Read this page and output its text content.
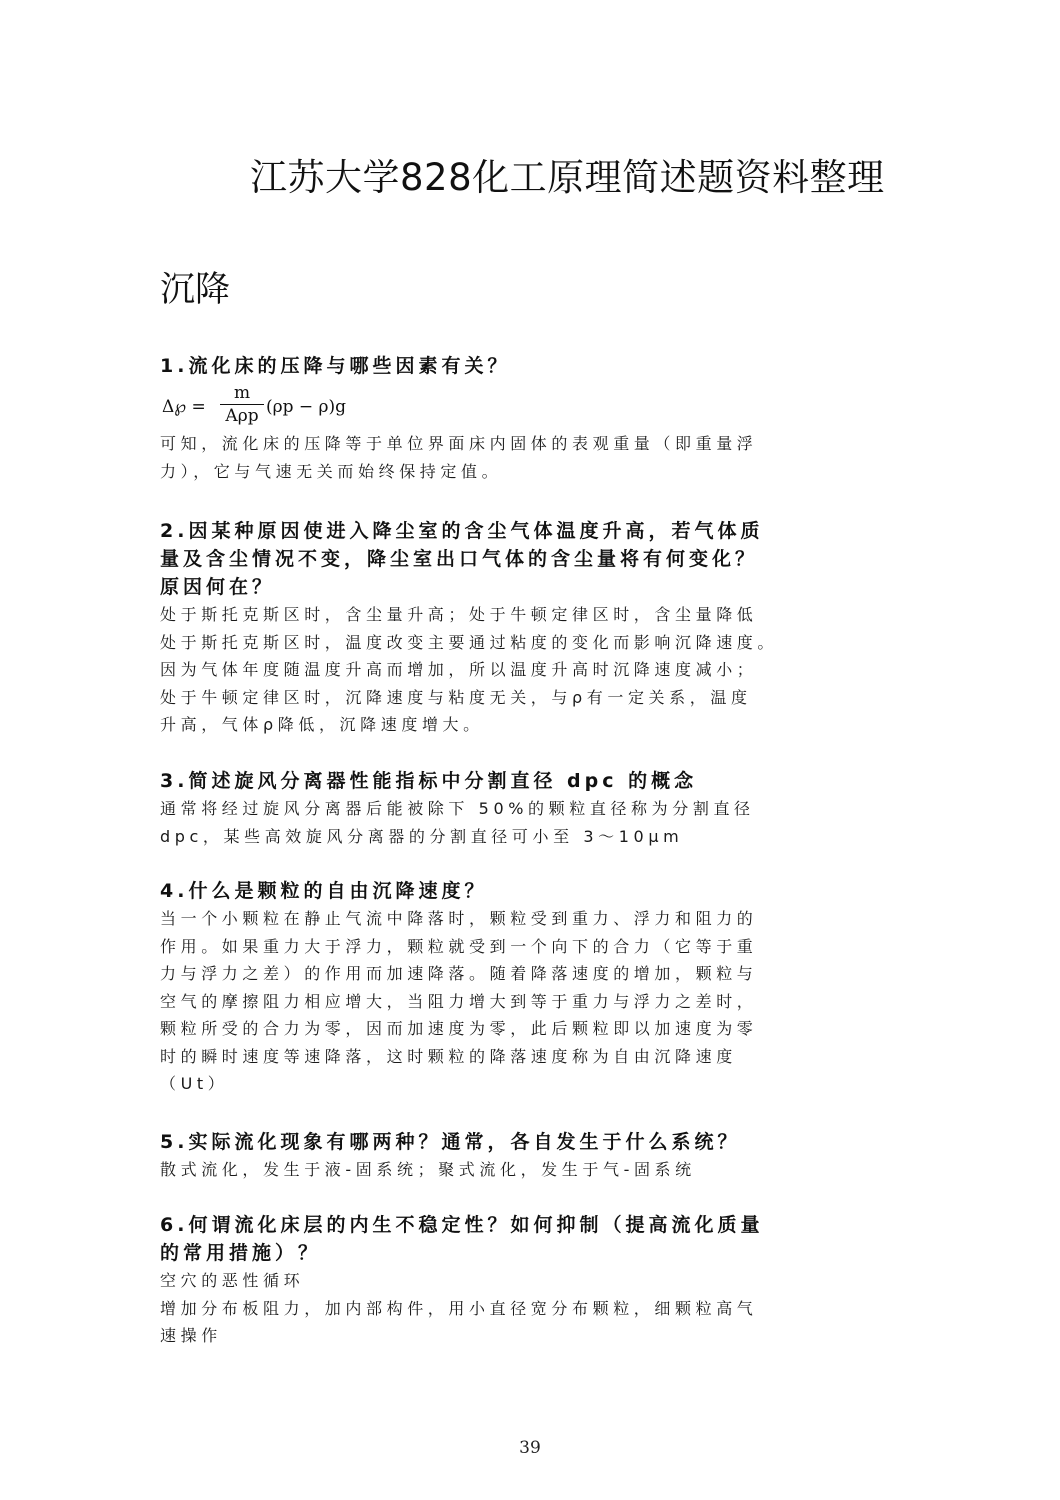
江苏大学828化工原理简述题资料整理
沉降
1.流化床的压降与哪些因素有关？
Δ℘ =
m
Aρp (ρp − ρ)g
可知，流化床的压降等于单位界面床内固体的表观重量（即重量浮
力），它与气速无关而始终保持定值。
2.因某种原因使进入降尘室的含尘气体温度升高，若气体质
量及含尘情况不变，降尘室出口气体的含尘量将有何变化？
原因何在？
处于斯托克斯区时，含尘量升高；处于牛顿定律区时，含尘量降低
处于斯托克斯区时，温度改变主要通过粘度的变化而影响沉降速度。
因为气体年度随温度升高而增加，所以温度升高时沉降速度减小；
处于牛顿定律区时，沉降速度与粘度无关，与ρ有一定关系，温度
升高，气体ρ降低，沉降速度增大。
3.简述旋风分离器性能指标中分割直径 dpc 的概念
通常将经过旋风分离器后能被除下 50%的颗粒直径称为分割直径
dpc，某些高效旋风分离器的分割直径可小至 3～10μm
4.什么是颗粒的自由沉降速度？
当一个小颗粒在静止气流中降落时，颗粒受到重力、浮力和阻力的
作用。如果重力大于浮力，颗粒就受到一个向下的合力（它等于重
力与浮力之差）的作用而加速降落。随着降落速度的增加，颗粒与
空气的摩擦阻力相应增大，当阻力增大到等于重力与浮力之差时，
颗粒所受的合力为零，因而加速度为零，此后颗粒即以加速度为零
时的瞬时速度等速降落，这时颗粒的降落速度称为自由沉降速度
（Ut）
5.实际流化现象有哪两种？通常，各自发生于什么系统？
散式流化，发生于液-固系统；聚式流化，发生于气-固系统
6.何谓流化床层的内生不稳定性？如何抑制（提高流化质量
的常用措施）？
空穴的恶性循环
增加分布板阻力，加内部构件，用小直径宽分布颗粒，细颗粒高气
速操作
39
